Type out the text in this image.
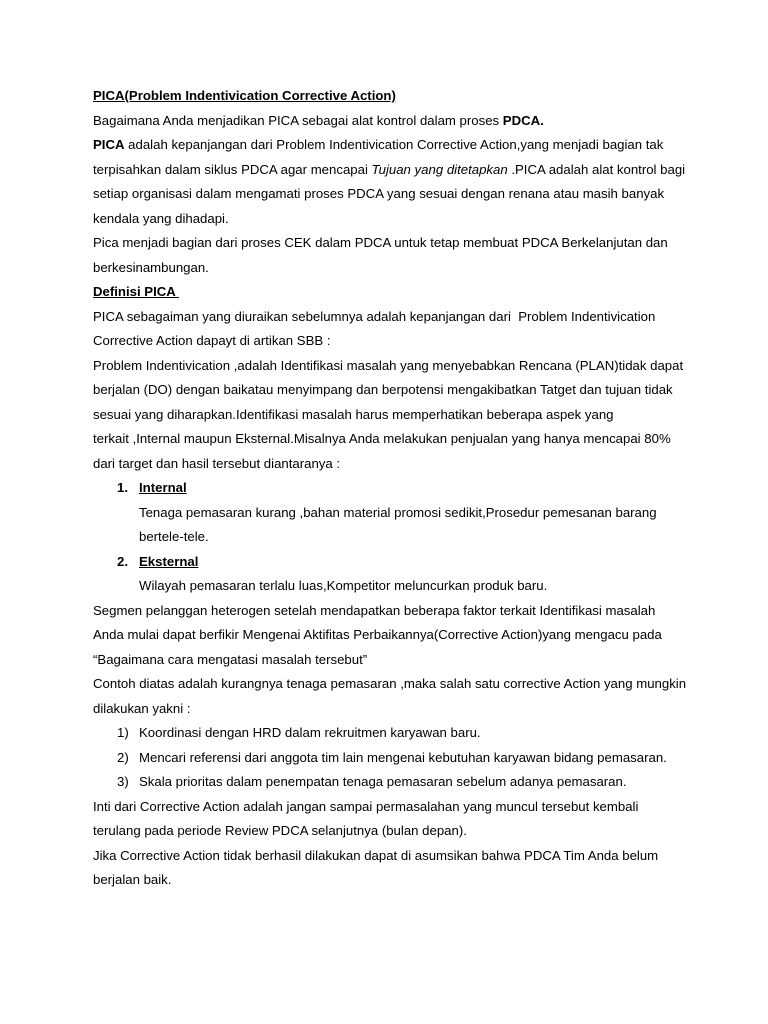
PICA(Problem Indentivication Corrective Action)
Bagaimana Anda menjadikan PICA sebagai alat kontrol dalam proses PDCA.
PICA adalah kepanjangan dari Problem Indentivication Corrective Action,yang menjadi bagian tak
terpisahkan dalam siklus PDCA agar mencapai Tujuan yang ditetapkan .PICA adalah alat kontrol bagi
setiap organisasi dalam mengamati proses PDCA yang sesuai dengan renana atau masih banyak
kendala yang dihadapi.
Pica menjadi bagian dari proses CEK dalam PDCA untuk tetap membuat PDCA Berkelanjutan dan
berkesinambungan.
Definisi PICA
PICA sebagaiman yang diuraikan sebelumnya adalah kepanjangan dari  Problem Indentivication
Corrective Action dapayt di artikan SBB :
Problem Indentivication ,adalah Identifikasi masalah yang menyebabkan Rencana (PLAN)tidak dapat
berjalan (DO) dengan baikatau menyimpang dan berpotensi mengakibatkan Tatget dan tujuan tidak
sesuai yang diharapkan.Identifikasi masalah harus memperhatikan beberapa aspek yang
terkait ,Internal maupun Eksternal.Misalnya Anda melakukan penjualan yang hanya mencapai 80%
dari target dan hasil tersebut diantaranya :
1. Internal
Tenaga pemasaran kurang ,bahan material promosi sedikit,Prosedur pemesanan barang
bertele-tele.
2. Eksternal
Wilayah pemasaran terlalu luas,Kompetitor meluncurkan produk baru.
Segmen pelanggan heterogen setelah mendapatkan beberapa faktor terkait Identifikasi masalah
Anda mulai dapat berfikir Mengenai Aktifitas Perbaikannya(Corrective Action)yang mengacu pada
“Bagaimana cara mengatasi masalah tersebut”
Contoh diatas adalah kurangnya tenaga pemasaran ,maka salah satu corrective Action yang mungkin
dilakukan yakni :
1) Koordinasi dengan HRD dalam rekruitmen karyawan baru.
2) Mencari referensi dari anggota tim lain mengenai kebutuhan karyawan bidang pemasaran.
3) Skala prioritas dalam penempatan tenaga pemasaran sebelum adanya pemasaran.
Inti dari Corrective Action adalah jangan sampai permasalahan yang muncul tersebut kembali
terulang pada periode Review PDCA selanjutnya (bulan depan).
Jika Corrective Action tidak berhasil dilakukan dapat di asumsikan bahwa PDCA Tim Anda belum
berjalan baik.
